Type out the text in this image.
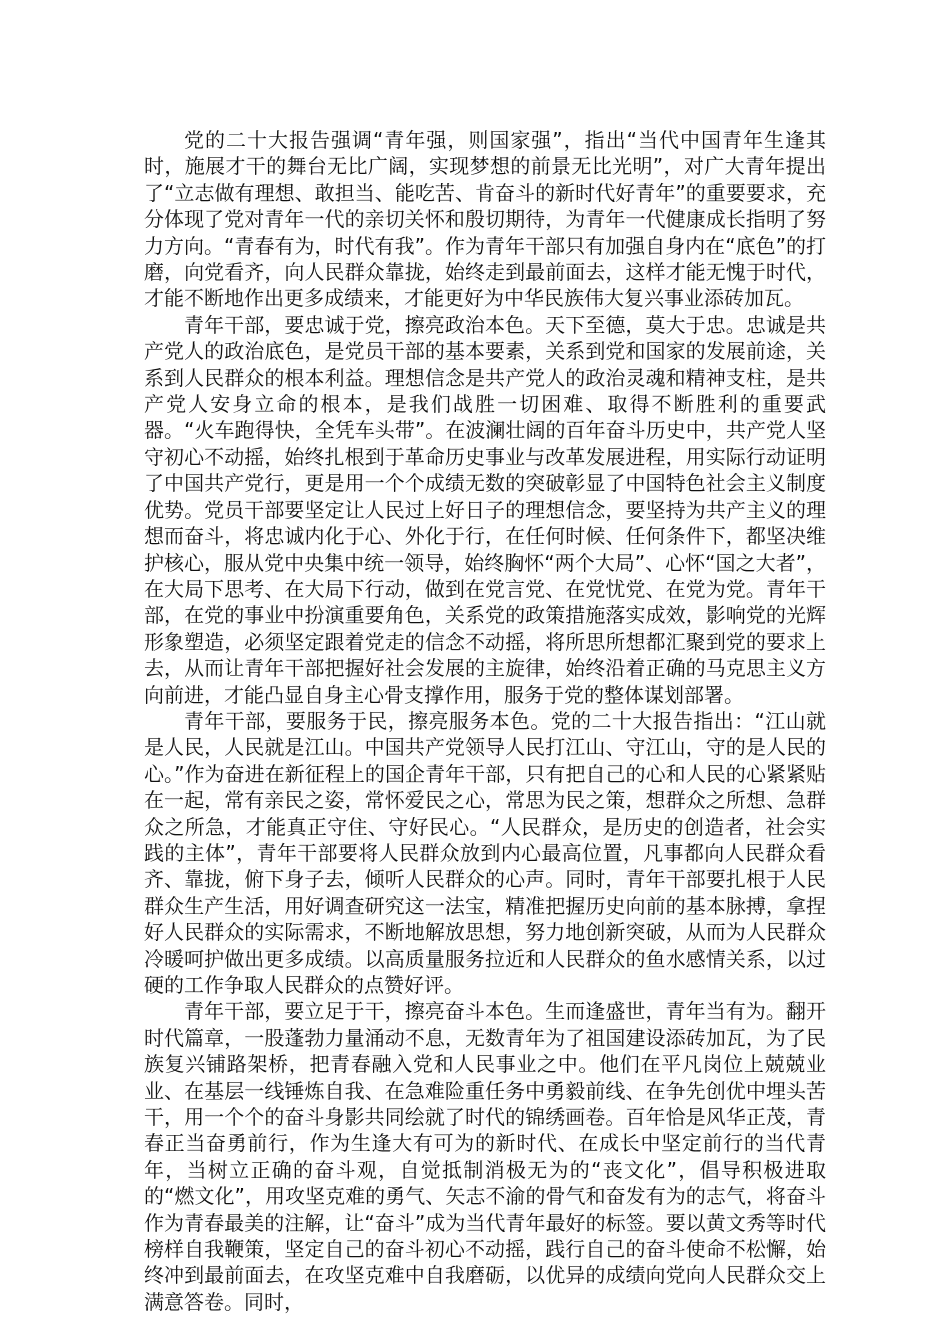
党的二十大报告强调“青年强，则国家强”，指出“当代中国青年生逢其时，施展才干的舞台无比广阔，实现梦想的前景无比光明”，对广大青年提出了“立志做有理想、敢担当、能吃苦、肯奋斗的新时代好青年”的重要要求，充分体现了党对青年一代的亲切关怀和殷切期待，为青年一代健康成长指明了努力方向。“青春有为，时代有我”。作为青年干部只有加强自身内在“底色”的打磨，向党看齐，向人民群众靠拢，始终走到最前面去，这样才能无愧于时代，才能不断地作出更多成绩来，才能更好为中华民族伟大复兴事业添砖加瓦。

青年干部，要忠诚于党，擦亮政治本色。天下至德，莫大于忠。忠诚是共产党人的政治底色，是党员干部的基本要素，关系到党和国家的发展前途，关系到人民群众的根本利益。理想信念是共产党人的政治灵魂和精神支柱，是共产党人安身立命的根本，是我们战胜一切困难、取得不断胜利的重要武器。“火车跑得快，全凭车头带”。在波澜壮阔的百年奋斗历史中，共产党人坚守初心不动摇，始终扎根到于革命历史事业与改革发展进程，用实际行动证明了中国共产党行，更是用一个个成绩无数的突破彰显了中国特色社会主义制度优势。党员干部要坚定让人民过上好日子的理想信念，要坚持为共产主义的理想而奋斗，将忠诚内化于心、外化于行，在任何时候、任何条件下，都坚决维护核心，服从党中央集中统一领导，始终胸怀“两个大局”、心怀“国之大者”，在大局下思考、在大局下行动，做到在党言党、在党忧党、在党为党。青年干部，在党的事业中扮演重要角色，关系党的政策措施落实成效，影响党的光辉形象塑造，必须坚定跟着党走的信念不动摇，将所思所想都汇聚到党的要求上去，从而让青年干部把握好社会发展的主旋律，始终沿着正确的马克思主义方向前进，才能凸显自身主心骨支撑作用，服务于党的整体谋划部署。

青年干部，要服务于民，擦亮服务本色。党的二十大报告指出：“江山就是人民，人民就是江山。中国共产党领导人民打江山、守江山，守的是人民的心。”作为奋进在新征程上的国企青年干部，只有把自己的心和人民的心紧紧贴在一起，常有亲民之姿，常怀爱民之心，常思为民之策，想群众之所想、急群众之所急，才能真正守住、守好民心。“人民群众，是历史的创造者，社会实践的主体”，青年干部要将人民群众放到内心最高位置，凡事都向人民群众看齐、靠拢，俯下身子去，倾听人民群众的心声。同时，青年干部要扎根于人民群众生产生活，用好调查研究这一法宝，精准把握历史向前的基本脉搏，拿捏好人民群众的实际需求，不断地解放思想，努力地创新突破，从而为人民群众冷暖呵护做出更多成绩。以高质量服务拉近和人民群众的鱼水感情关系，以过硬的工作争取人民群众的点赞好评。

青年干部，要立足于干，擦亮奋斗本色。生而逢盛世，青年当有为。翻开时代篇章，一股蓬勃力量涌动不息，无数青年为了祖国建设添砖加瓦，为了民族复兴铺路架桥，把青春融入党和人民事业之中。他们在平凡岗位上兢兢业业、在基层一线锤炼自我、在急难险重任务中勇毅前线、在争先创优中埋头苦干，用一个个的奋斗身影共同绘就了时代的锦绣画卷。百年恰是风华正茂，青春正当奋勇前行，作为生逢大有可为的新时代、在成长中坚定前行的当代青年，当树立正确的奋斗观，自觉抵制消极无为的“丧文化”，倡导积极进取的“燃文化”，用攻坚克难的勇气、矢志不渝的骨气和奋发有为的志气，将奋斗作为青春最美的注解，让“奋斗”成为当代青年最好的标签。要以黄文秀等时代榜样自我鞭策，坚定自己的奋斗初心不动摇，践行自己的奋斗使命不松懈，始终冲到最前面去，在攻坚克难中自我磨砺，以优异的成绩向党向人民群众交上满意答卷。同时，
